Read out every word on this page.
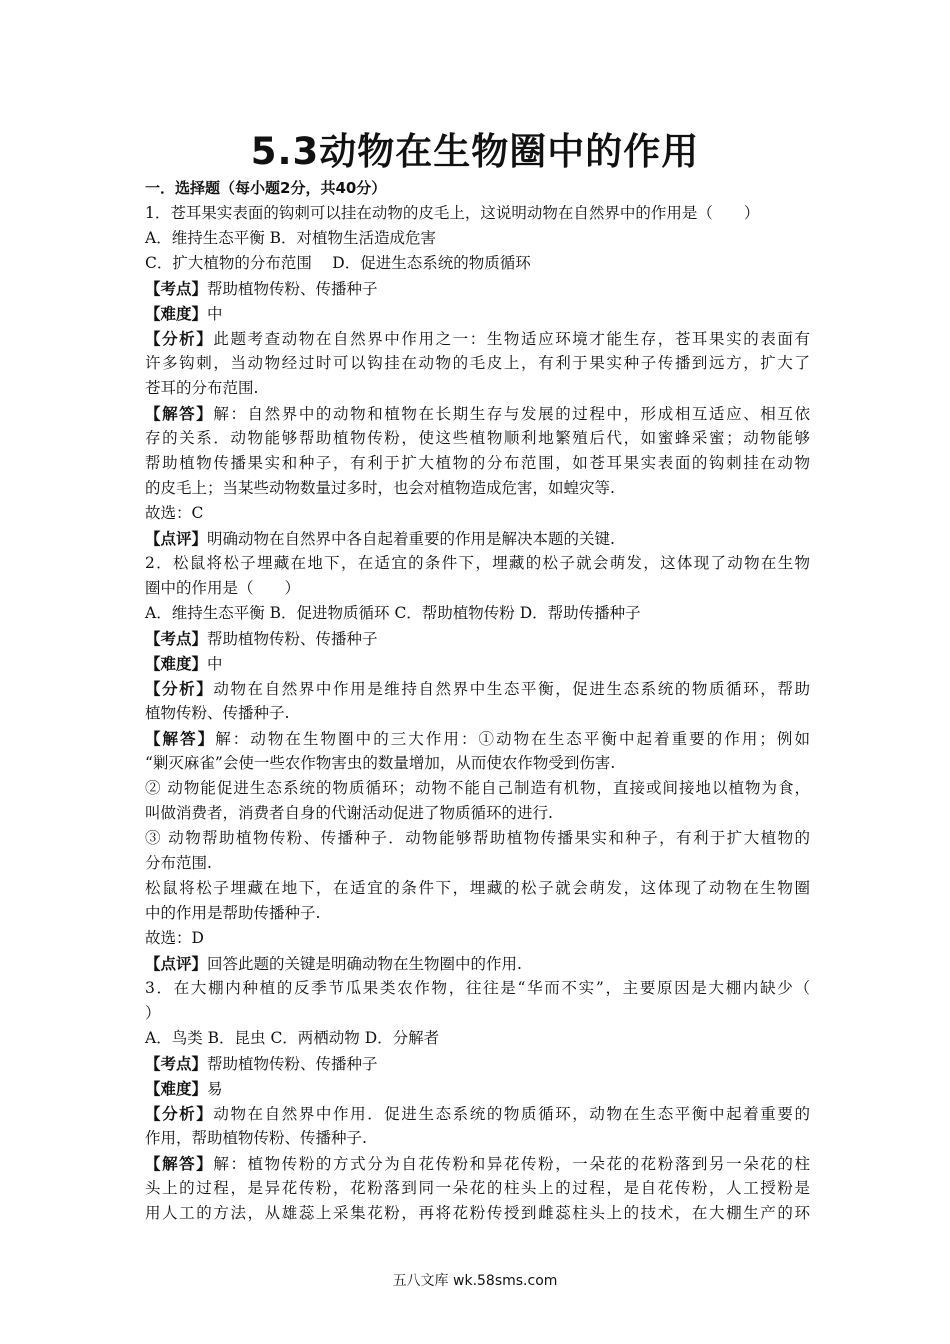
5.3动物在生物圈中的作用
一．选择题（每小题2分，共40分）
1．苍耳果实表面的钩刺可以挂在动物的皮毛上，这说明动物在自然界中的作用是（　　）
A．维持生态平衡 B．对植物生活造成危害
C．扩大植物的分布范围　 D．促进生态系统的物质循环
【考点】帮助植物传粉、传播种子
【难度】中
【分析】此题考查动物在自然界中作用之一：生物适应环境才能生存，苍耳果实的表面有
许多钩刺，当动物经过时可以钩挂在动物的毛皮上，有利于果实种子传播到远方，扩大了
苍耳的分布范围.
【解答】解：自然界中的动物和植物在长期生存与发展的过程中，形成相互适应、相互依
存的关系．动物能够帮助植物传粉，使这些植物顺利地繁殖后代，如蜜蜂采蜜；动物能够
帮助植物传播果实和种子，有利于扩大植物的分布范围，如苍耳果实表面的钩刺挂在动物
的皮毛上；当某些动物数量过多时，也会对植物造成危害，如蝗灾等.
故选：C
【点评】明确动物在自然界中各自起着重要的作用是解决本题的关键.
2．松鼠将松子埋藏在地下，在适宜的条件下，埋藏的松子就会萌发，这体现了动物在生物
圈中的作用是（　　）
A．维持生态平衡 B．促进物质循环 C．帮助植物传粉 D．帮助传播种子
【考点】帮助植物传粉、传播种子
【难度】中
【分析】动物在自然界中作用是维持自然界中生态平衡，促进生态系统的物质循环，帮助
植物传粉、传播种子.
【解答】解：动物在生物圈中的三大作用：①动物在生态平衡中起着重要的作用；例如
“剿灭麻雀”会使一些农作物害虫的数量增加，从而使农作物受到伤害.
② 动物能促进生态系统的物质循环；动物不能自己制造有机物，直接或间接地以植物为食，
叫做消费者，消费者自身的代谢活动促进了物质循环的进行.
③ 动物帮助植物传粉、传播种子．动物能够帮助植物传播果实和种子，有利于扩大植物的
分布范围.
松鼠将松子埋藏在地下，在适宜的条件下，埋藏的松子就会萌发，这体现了动物在生物圈
中的作用是帮助传播种子.
故选：D
【点评】回答此题的关键是明确动物在生物圈中的作用.
3．在大棚内种植的反季节瓜果类农作物，往往是“华而不实”，主要原因是大棚内缺少（
）
A．鸟类 B．昆虫 C．两栖动物 D．分解者
【考点】帮助植物传粉、传播种子
【难度】易
【分析】动物在自然界中作用．促进生态系统的物质循环，动物在生态平衡中起着重要的
作用，帮助植物传粉、传播种子.
【解答】解：植物传粉的方式分为自花传粉和异花传粉，一朵花的花粉落到另一朵花的柱
头上的过程，是异花传粉，花粉落到同一朵花的柱头上的过程，是自花传粉，人工授粉是
用人工的方法，从雄蕊上采集花粉，再将花粉传授到雌蕊柱头上的技术，在大棚生产的环
五八文库 wk.58sms.com
